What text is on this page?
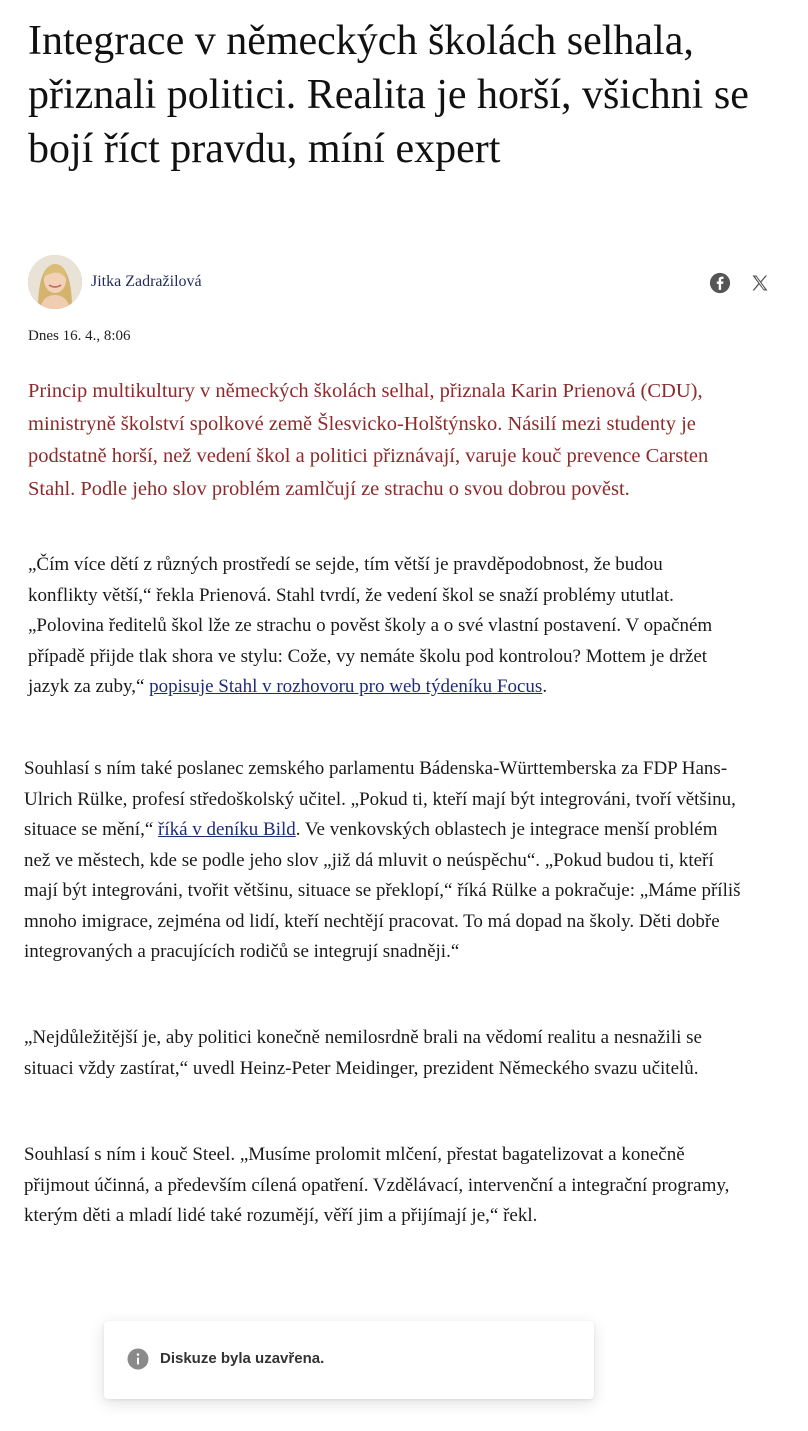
Integrace v německých školách selhala, přiznali politici. Realita je horší, všichni se bojí říct pravdu, míní expert
Jitka Zadražilová
Dnes 16. 4., 8:06

Princip multikultury v německých školách selhal, přiznala Karin Prienová (CDU), ministryně školství spolkové země Šlesvicko-Holštýnsko. Násilí mezi studenty je podstatně horší, než vedení škol a politici přiznávají, varuje kouč prevence Carsten Stahl. Podle jeho slov problém zamlčují ze strachu o svou dobrou pověst.

„Čím více dětí z různých prostředí se sejde, tím větší je pravděpodobnost, že budou konflikty větší,“ řekla Prienová. Stahl tvrdí, že vedení škol se snaží problémy ututlat. „Polovina ředitelů škol lže ze strachu o pověst školy a o své vlastní postavení. V opačném případě přijde tlak shora ve stylu: Cože, vy nemáte školu pod kontrolou? Mottem je držet jazyk za zuby,“ popisuje Stahl v rozhovoru pro web týdeníku Focus.

Souhlasí s ním také poslanec zemského parlamentu Bádenska-Württemberska za FDP Hans-Ulrich Rülke, profesí středoškolský učitel. „Pokud ti, kteří mají být integrováni, tvoří většinu, situace se mění,“ říká v deníku Bild. Ve venkovských oblastech je integrace menší problém než ve městech, kde se podle jeho slov „již dá mluvit o neúspěchu“. „Pokud budou ti, kteří mají být integrováni, tvořit většinu, situace se překlopí,“ říká Rülke a pokračuje: „Máme příliš mnoho imigrace, zejména od lidí, kteří nechtějí pracovat. To má dopad na školy. Děti dobře integrovaných a pracujících rodičů se integrují snadněji.“

„Nejdůležitější je, aby politici konečně nemilosrdně brali na vědomí realitu a nesnažili se situaci vždy zastírat,“ uvedl Heinz-Peter Meidinger, prezident Německého svazu učitelů.

Souhlasí s ním i kouč Steel. „Musíme prolomit mlčení, přestat bagatelizovat a konečně přijmout účinná, a především cílená opatření. Vzdělávací, intervenční a integrační programy, kterým děti a mladí lidé také rozumějí, věří jim a přijímají je,“ řekl.

Diskuze byla uzavřena.
